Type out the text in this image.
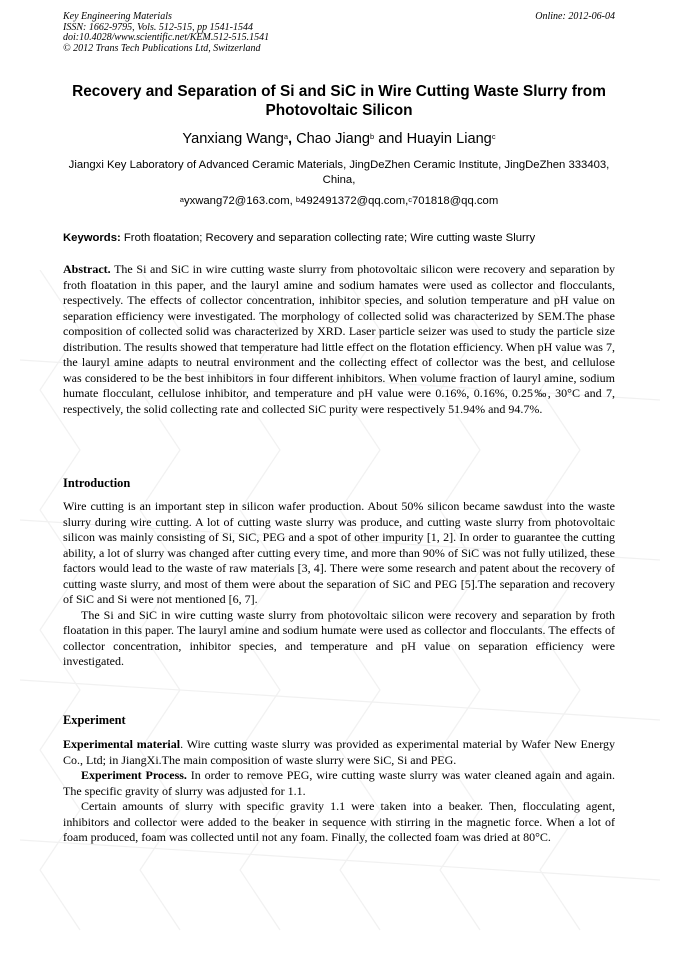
Key Engineering Materials
ISSN: 1662-9795, Vols. 512-515, pp 1541-1544
doi:10.4028/www.scientific.net/KEM.512-515.1541
© 2012 Trans Tech Publications Ltd, Switzerland
Online: 2012-06-04
Recovery and Separation of Si and SiC in Wire Cutting Waste Slurry from Photovoltaic Silicon
Yanxiang Wang$^a$, Chao Jiang$^b$ and Huayin Liang$^c$
Jiangxi Key Laboratory of Advanced Ceramic Materials, JingDeZhen Ceramic Institute, JingDeZhen 333403, China,
$^a$yxwang72@163.com, $^b$492491372@qq.com,$^c$701818@qq.com
Keywords: Froth floatation; Recovery and separation collecting rate; Wire cutting waste Slurry

Abstract. The Si and SiC in wire cutting waste slurry from photovoltaic silicon were recovery and separation by froth floatation in this paper, and the lauryl amine and sodium hamates were used as collector and flocculants, respectively. The effects of collector concentration, inhibitor species, and solution temperature and pH value on separation efficiency were investigated. The morphology of collected solid was characterized by SEM.The phase composition of collected solid was characterized by XRD. Laser particle seizer was used to study the particle size distribution. The results showed that temperature had little effect on the flotation efficiency. When pH value was 7, the lauryl amine adapts to neutral environment and the collecting effect of collector was the best, and cellulose was considered to be the best inhibitors in four different inhibitors. When volume fraction of lauryl amine, sodium humate flocculant, cellulose inhibitor, and temperature and pH value were 0.16%, 0.16%, 0.25‰, 30°C and 7, respectively, the solid collecting rate and collected SiC purity were respectively 51.94% and 94.7%.

Introduction

Wire cutting is an important step in silicon wafer production. About 50% silicon became sawdust into the waste slurry during wire cutting. A lot of cutting waste slurry was produce, and cutting waste slurry from photovoltaic silicon was mainly consisting of Si, SiC, PEG and a spot of other impurity [1, 2]. In order to guarantee the cutting ability, a lot of slurry was changed after cutting every time, and more than 90% of SiC was not fully utilized, these factors would lead to the waste of raw materials [3, 4]. There were some research and patent about the recovery of cutting waste slurry, and most of them were about the separation of SiC and PEG [5].The separation and recovery of SiC and Si were not mentioned [6, 7].

The Si and SiC in wire cutting waste slurry from photovoltaic silicon were recovery and separation by froth floatation in this paper. The lauryl amine and sodium humate were used as collector and flocculants. The effects of collector concentration, inhibitor species, and temperature and pH value on separation efficiency were investigated.

Experiment

Experimental material. Wire cutting waste slurry was provided as experimental material by Wafer New Energy Co., Ltd; in JiangXi.The main composition of waste slurry were SiC, Si and PEG.

Experiment Process. In order to remove PEG, wire cutting waste slurry was water cleaned again and again. The specific gravity of slurry was adjusted for 1.1.

Certain amounts of slurry with specific gravity 1.1 were taken into a beaker. Then, flocculating agent, inhibitors and collector were added to the beaker in sequence with stirring in the magnetic force. When a lot of foam produced, foam was collected until not any foam. Finally, the collected foam was dried at 80°C.
